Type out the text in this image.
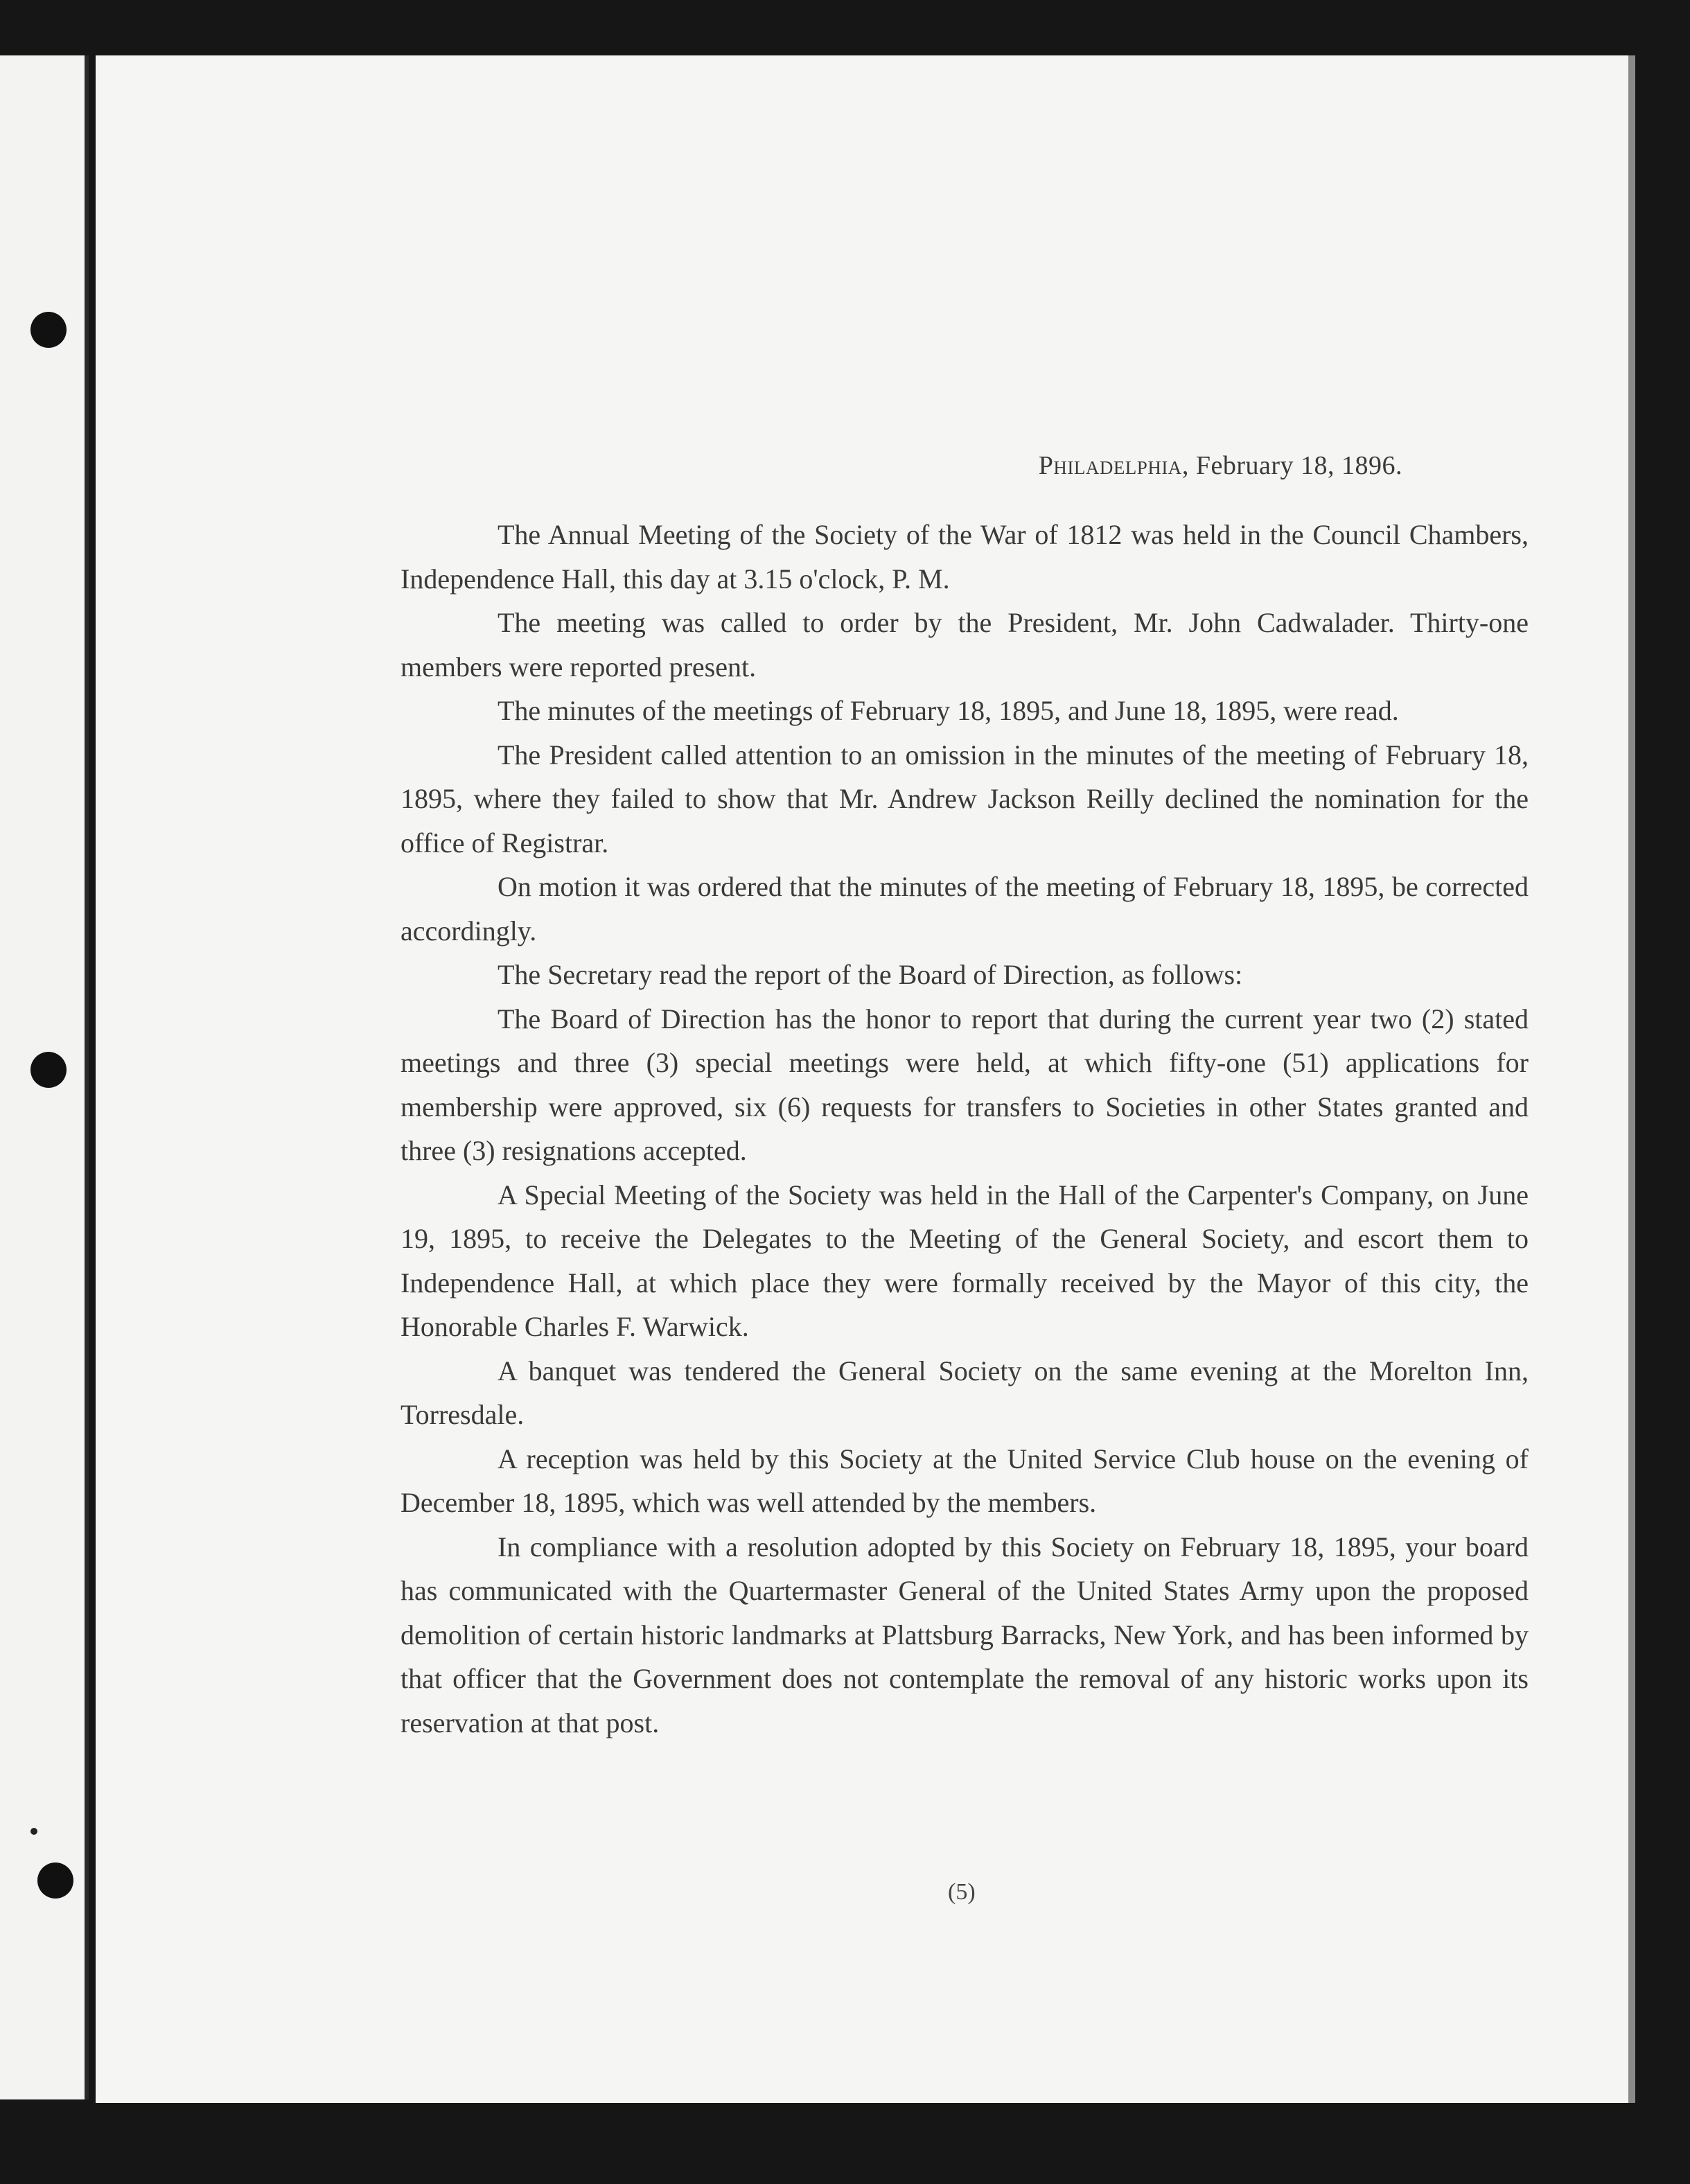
Philadelphia, February 18, 1896.

The Annual Meeting of the Society of the War of 1812 was held in the Council Chambers, Independence Hall, this day at 3.15 o'clock, P. M.

The meeting was called to order by the President, Mr. John Cadwalader. Thirty-one members were reported present.

The minutes of the meetings of February 18, 1895, and June 18, 1895, were read.

The President called attention to an omission in the minutes of the meeting of February 18, 1895, where they failed to show that Mr. Andrew Jackson Reilly declined the nomination for the office of Registrar.

On motion it was ordered that the minutes of the meeting of February 18, 1895, be corrected accordingly.

The Secretary read the report of the Board of Direction, as follows:

The Board of Direction has the honor to report that during the current year two (2) stated meetings and three (3) special meetings were held, at which fifty-one (51) applications for membership were approved, six (6) requests for transfers to Societies in other States granted and three (3) resignations accepted.

A Special Meeting of the Society was held in the Hall of the Carpenter's Company, on June 19, 1895, to receive the Delegates to the Meeting of the General Society, and escort them to Independence Hall, at which place they were formally received by the Mayor of this city, the Honorable Charles F. Warwick.

A banquet was tendered the General Society on the same evening at the Morelton Inn, Torresdale.

A reception was held by this Society at the United Service Club house on the evening of December 18, 1895, which was well attended by the members.

In compliance with a resolution adopted by this Society on February 18, 1895, your board has communicated with the Quartermaster General of the United States Army upon the proposed demolition of certain historic landmarks at Plattsburg Barracks, New York, and has been informed by that officer that the Government does not contemplate the removal of any historic works upon its reservation at that post.

(5)
